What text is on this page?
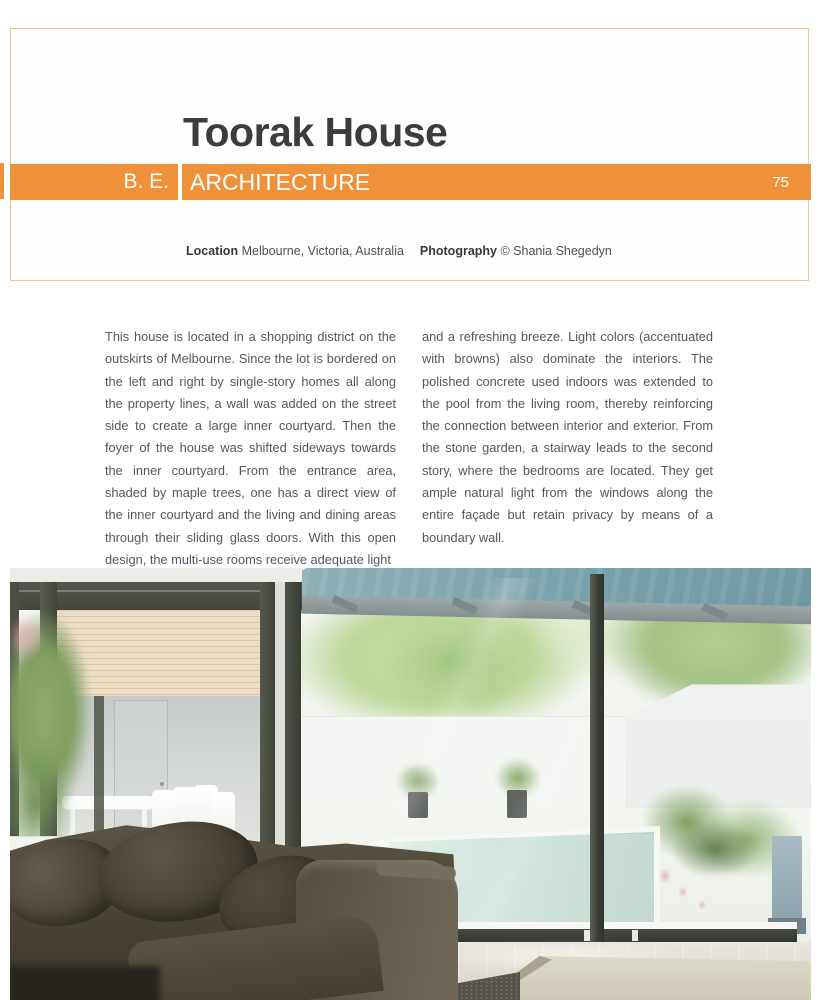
Toorak House
B. E. ARCHITECTURE	75
Location Melbourne, Victoria, Australia Photography © Shania Shegedyn
This house is located in a shopping district on the outskirts of Melbourne. Since the lot is bordered on the left and right by single-story homes all along the property lines, a wall was added on the street side to create a large inner courtyard. Then the foyer of the house was shifted sideways towards the inner courtyard. From the entrance area, shaded by maple trees, one has a direct view of the inner courtyard and the living and dining areas through their sliding glass doors. With this open design, the multi-use rooms receive adequate light
and a refreshing breeze. Light colors (accentuated with browns) also dominate the interiors. The polished concrete used indoors was extended to the pool from the living room, thereby reinforcing the connection between interior and exterior. From the stone garden, a stairway leads to the second story, where the bedrooms are located. They get ample natural light from the windows along the entire façade but retain privacy by means of a boundary wall.
